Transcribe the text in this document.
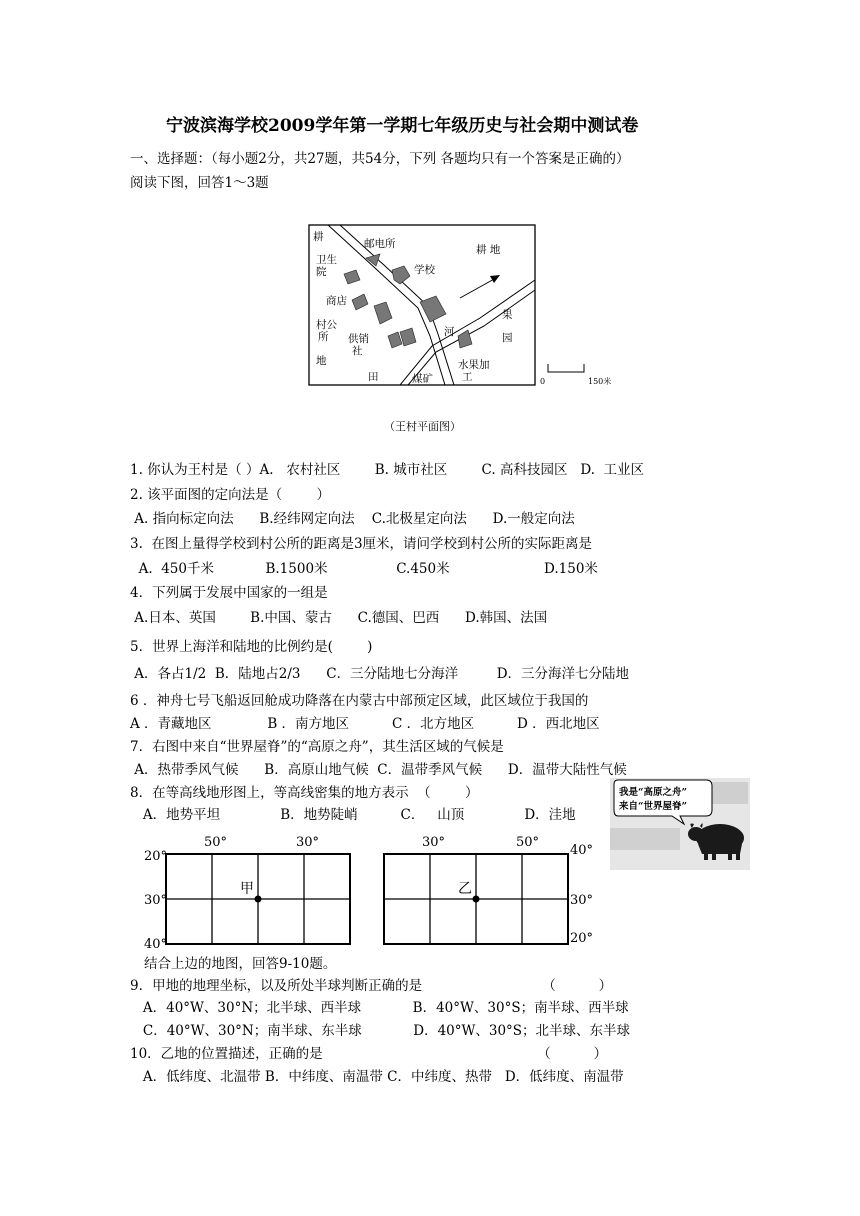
宁波滨海学校2009学年第一学期七年级历史与社会期中测试卷
一、选择题：（每小题2分，共27题，共54分，下列 各题均只有一个答案是正确的）
阅读下图，回答1～3题
耕
邮电所	耕 地
卫生
院	学校
商店
村公
所 供销
社
河
果
园
地
田	煤矿
水果加
工	0	150米
（王村平面图）
1. 你认为王村是（ ）A.   农村社区        B. 城市社区        C. 高科技园区   D.  工业区
2. 该平面图的定向法是（        ）
A. 指向标定向法      B.经纬网定向法    C.北极星定向法      D.一般定向法
3.  在图上量得学校到村公所的距离是3厘米，请问学校到村公所的实际距离是
A.  450千米            B.1500米                C.450米                      D.150米
4．下列属于发展中国家的一组是
A.日本、英国        B.中国、蒙古      C.德国、巴西      D.韩国、法国
5．世界上海洋和陆地的比例约是(        )
A．各占1/2  B．陆地占2/3      C．三分陆地七分海洋         D．三分海洋七分陆地
6 ．神舟七号飞船返回舱成功降落在内蒙古中部预定区域，此区域位于我国的
A ．青藏地区             B ．南方地区          C ．北方地区          D ．西北地区
7．右图中来自“世界屋脊”的“高原之舟”，其生活区域的气候是
A．热带季风气候      B．高原山地气候  C．温带季风气候      D．温带大陆性气候
8．在等高线地形图上，等高线密集的地方表示  （        ）
A．地势平坦              B．地势陡峭          C．   山顶              D．洼地
我是“高原之舟”
来自“世界屋脊”
50°	30°
20°
30°
40°
甲
30°	50°
40°
30°
20°
乙
结合上边的地图，回答9-10题。
9．甲地的地理坐标，以及所处半球判断正确的是                            （          ）
A．40°W、30°N；北半球、西半球            B．40°W、30°S；南半球、西半球
C．40°W、30°N；南半球、东半球            D．40°W、30°S；北半球、东半球
10．乙地的位置描述，正确的是                                                  （          ）
A．低纬度、北温带 B．中纬度、南温带 C．中纬度、热带   D．低纬度、南温带
